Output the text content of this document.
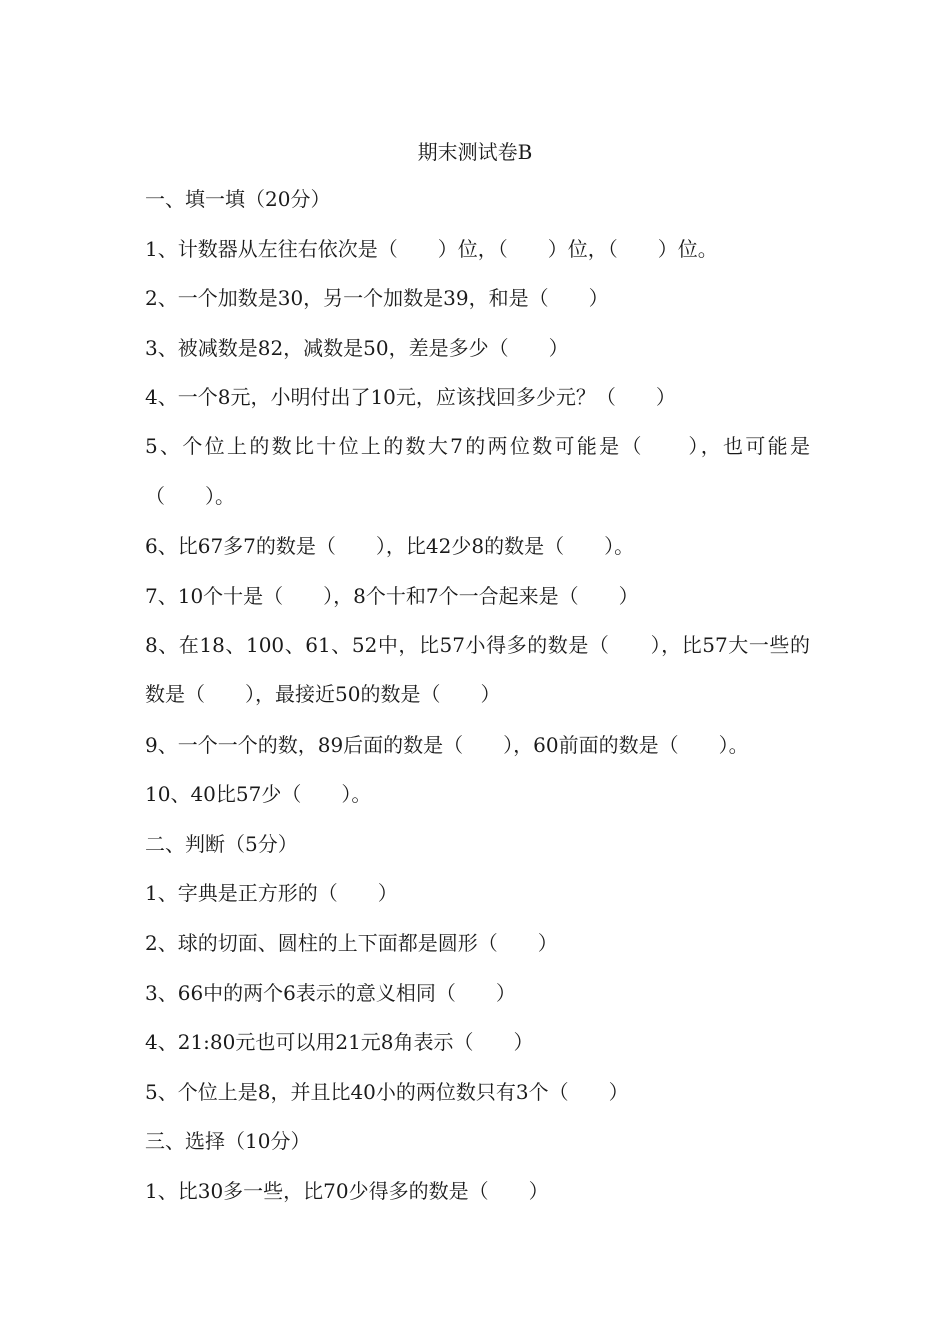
期末测试卷B
一、填一填（20分）
1、计数器从左往右依次是（　　）位，（　　）位，（　　）位。
2、一个加数是30，另一个加数是39，和是（　　）
3、被减数是82，减数是50，差是多少（　　）
4、一个8元，小明付出了10元，应该找回多少元？（　　）
5、个位上的数比十位上的数大7的两位数可能是（　　），也可能是（　　）。
6、比67多7的数是（　　），比42少8的数是（　　）。
7、10个十是（　　），8个十和7个一合起来是（　　）
8、在18、100、61、52中，比57小得多的数是（　　），比57大一些的数是（　　），最接近50的数是（　　）
9、一个一个的数，89后面的数是（　　），60前面的数是（　　）。
10、40比57少（　　）。
二、判断（5分）
1、字典是正方形的（　　）
2、球的切面、圆柱的上下面都是圆形（　　）
3、66中的两个6表示的意义相同（　　）
4、21:80元也可以用21元8角表示（　　）
5、个位上是8，并且比40小的两位数只有3个（　　）
三、选择（10分）
1、比30多一些，比70少得多的数是（　　）
